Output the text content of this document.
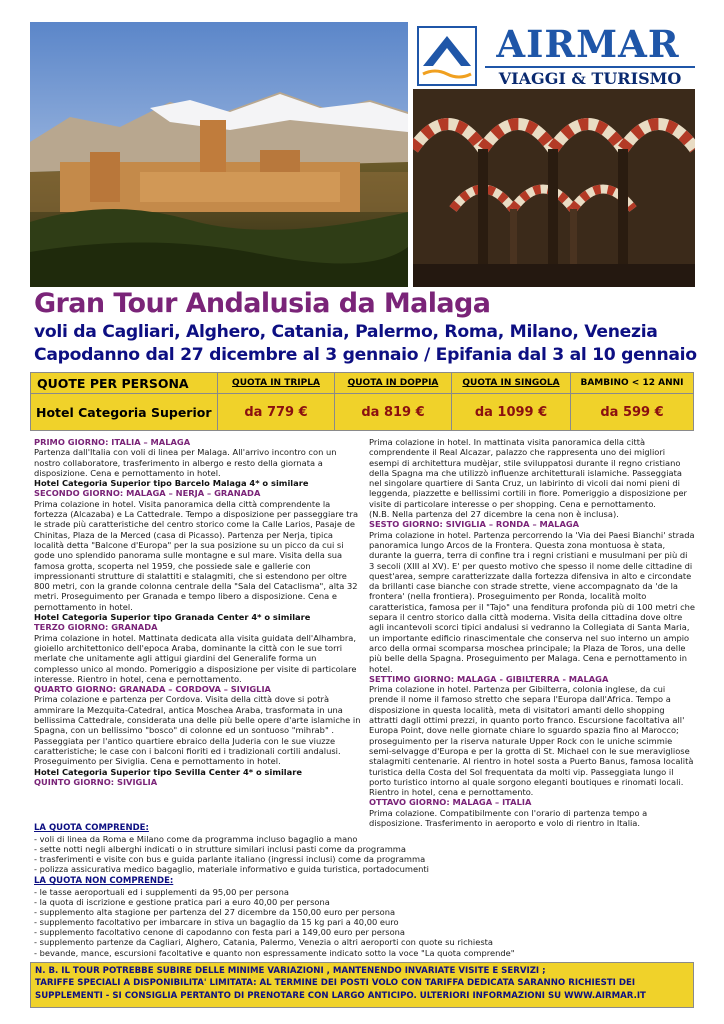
AIRMAR
VIAGGI & TURISMO
Gran Tour Andalusia da Malaga
voli da Cagliari, Alghero, Catania, Palermo, Roma, Milano, Venezia
Capodanno dal 27 dicembre al 3 gennaio / Epifania dal 3 al 10 gennaio
QUOTE PER PERSONA	QUOTA IN TRIPLA	QUOTA IN DOPPIA	QUOTA IN SINGOLA	BAMBINO < 12 ANNI
Hotel Categoria Superior	da 779 €	da 819 €	da 1099 €	da 599 €

PRIMO GIORNO: ITALIA – MALAGA

Partenza dall'Italia con voli di linea per Malaga. All'arrivo incontro con un nostro collaboratore, trasferimento in albergo e resto della giornata a disposizione. Cena e pernottamento in hotel.

Hotel Categoria Superior tipo Barcelo Malaga 4* o similare

SECONDO GIORNO: MALAGA – NERJA – GRANADA

Prima colazione in hotel. Visita panoramica della città comprendente la fortezza (Alcazaba) e La Cattedrale. Tempo a disposizione per passeggiare tra le strade più caratteristiche del centro storico come la Calle Larios, Pasaje de Chinitas, Plaza de la Merced (casa di Picasso). Partenza per Nerja, tipica località detta "Balcone d'Europa" per la sua posizione su un picco da cui si gode uno splendido panorama sulle montagne e sul mare. Visita della sua famosa grotta, scoperta nel 1959, che possiede sale e gallerie con impressionanti strutture di stalattiti e stalagmiti, che si estendono per oltre 800 metri, con la grande colonna centrale della "Sala del Cataclisma", alta 32 metri. Proseguimento per Granada e tempo libero a disposizione. Cena e pernottamento in hotel.

Hotel Categoria Superior tipo Granada Center 4* o similare

TERZO GIORNO: GRANADA

Prima colazione in hotel. Mattinata dedicata alla visita guidata dell'Alhambra, gioiello architettonico dell'epoca Araba, dominante la città con le sue torri merlate che unitamente agli attigui giardini del Generalife forma un complesso unico al mondo. Pomeriggio a disposizione per visite di particolare interesse. Rientro in hotel, cena e pernottamento.

QUARTO GIORNO: GRANADA – CORDOVA – SIVIGLIA

Prima colazione e partenza per Cordova. Visita della città dove si potrà ammirare la Mezquita-Catedral, antica Moschea Araba, trasformata in una bellissima Cattedrale, considerata una delle più belle opere d'arte islamiche in Spagna, con un bellissimo "bosco" di colonne ed un sontuoso "mihrab" . Passeggiata per l'antico quartiere ebraico della Juderia con le sue viuzze caratteristiche; le case con i balconi fioriti ed i tradizionali cortili andalusi. Proseguimento per Siviglia. Cena e pernottamento in hotel.

Hotel Categoria Superior tipo Sevilla Center 4* o similare

QUINTO GIORNO: SIVIGLIA

Prima colazione in hotel. In mattinata visita panoramica della città comprendente il Real Alcazar, palazzo che rappresenta uno dei migliori esempi di architettura mudèjar, stile sviluppatosi durante il regno cristiano della Spagna ma che utilizzò influenze architetturali islamiche. Passeggiata nel singolare quartiere di Santa Cruz, un labirinto di vicoli dai nomi pieni di leggenda, piazzette e bellissimi cortili in fiore. Pomeriggio a disposizione per visite di particolare interesse o per shopping. Cena e pernottamento.

(N.B. Nella partenza del 27 dicembre la cena non è inclusa).

SESTO GIORNO: SIVIGLIA – RONDA – MALAGA

Prima colazione in hotel. Partenza percorrendo la 'Via dei Paesi Bianchi' strada panoramica lungo Arcos de la Frontera. Questa zona montuosa è stata, durante la guerra, terra di confine tra i regni cristiani e musulmani per più di 3 secoli (XIII al XV). E' per questo motivo che spesso il nome delle cittadine di quest'area, sempre caratterizzate dalla fortezza difensiva in alto e circondate da brillanti case bianche con strade strette, viene accompagnato da 'de la frontera' (nella frontiera). Proseguimento per Ronda, località molto caratteristica, famosa per il "Tajo" una fenditura profonda più di 100 metri che separa il centro storico dalla città moderna. Visita della cittadina dove oltre agli incantevoli scorci tipici andalusi si vedranno la Collegiata di Santa Maria, un importante edificio rinascimentale che conserva nel suo interno un ampio arco della ormai scomparsa moschea principale; la Plaza de Toros, una delle più belle della Spagna. Proseguimento per Malaga. Cena e pernottamento in hotel.

SETTIMO GIORNO: MALAGA - GIBILTERRA - MALAGA

Prima colazione in hotel. Partenza per Gibilterra, colonia inglese, da cui prende il nome il famoso stretto che separa l'Europa dall'Africa. Tempo a disposizione in questa località, meta di visitatori amanti dello shopping attratti dagli ottimi prezzi, in quanto porto franco. Escursione facoltativa all' Europa Point, dove nelle giornate chiare lo sguardo spazia fino al Marocco; proseguimento per la riserva naturale Upper Rock con le uniche scimmie semi-selvagge d'Europa e per la grotta di St. Michael con le sue meravigliose stalagmiti centenarie. Al rientro in hotel sosta a Puerto Banus, famosa località turistica della Costa del Sol frequentata da molti vip. Passeggiata lungo il porto turistico intorno al quale sorgono eleganti boutiques e rinomati locali. Rientro in hotel, cena e pernottamento.

OTTAVO GIORNO: MALAGA – ITALIA

Prima colazione. Compatibilmente con l'orario di partenza tempo a disposizione. Trasferimento in aeroporto e volo di rientro in Italia.

LA QUOTA COMPRENDE:
- voli di linea da Roma e Milano come da programma incluso bagaglio a mano
- sette notti negli alberghi indicati o in strutture similari inclusi pasti come da programma
- trasferimenti e visite con bus e guida parlante italiano (ingressi inclusi) come da programma
- polizza assicurativa medico bagaglio, materiale informativo e guida turistica, portadocumenti
LA QUOTA NON COMPRENDE:
- le tasse aeroportuali ed i supplementi da 95,00 per persona
- la quota di iscrizione e gestione pratica pari a euro 40,00 per persona
- supplemento alta stagione per partenza del 27 dicembre da 150,00 euro per persona
- supplemento facoltativo per imbarcare in stiva un bagaglio da 15 kg pari a 40,00 euro
- supplemento facoltativo cenone di capodanno con festa pari a 149,00 euro per persona
- supplemento partenze da Cagliari, Alghero, Catania, Palermo, Venezia o altri aeroporti con quote su richiesta
- bevande, mance, escursioni facoltative e quanto non espressamente indicato sotto la voce "La quota comprende"
N. B. IL TOUR POTREBBE SUBIRE DELLE MINIME VARIAZIONI , MANTENENDO INVARIATE VISITE E SERVIZI ;
TARIFFE SPECIALI A DISPONIBILITA' LIMITATA: AL TERMINE DEI POSTI VOLO CON TARIFFA DEDICATA SARANNO RICHIESTI DEI
SUPPLEMENTI - SI CONSIGLIA PERTANTO DI PRENOTARE CON LARGO ANTICIPO. ULTERIORI INFORMAZIONI SU WWW.AIRMAR.IT
